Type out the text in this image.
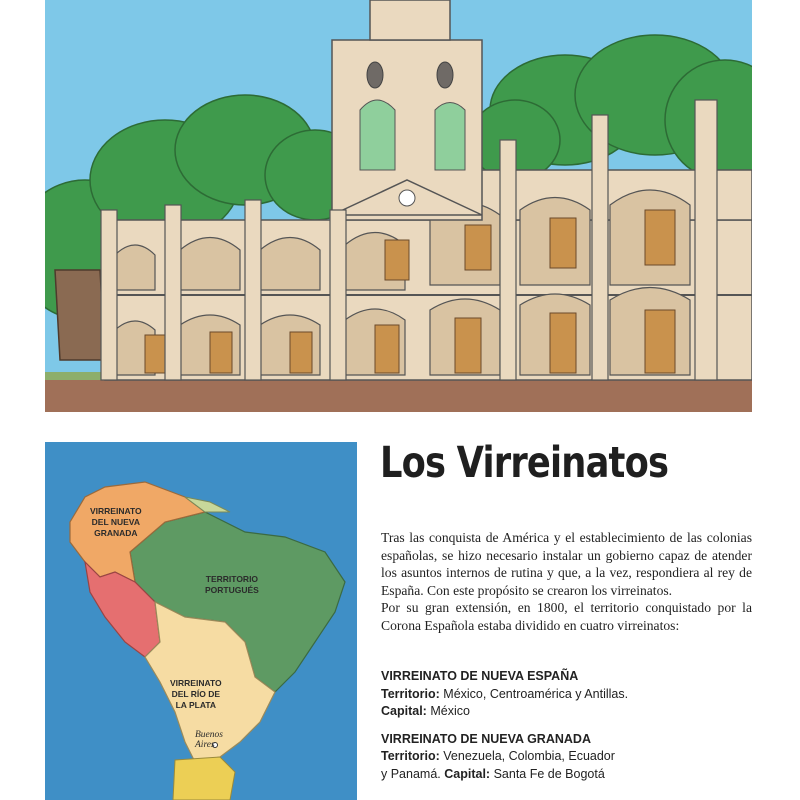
VIRREINATO
DEL NUEVA
GRANADA
TERRITORIO
PORTUGUÉS
VIRREINATO
DEL RÍO DE
LA PLATA
Buenos
Aires
Los Virreinatos

Tras las conquista de América y el establecimiento de las colonias españolas, se hizo necesario instalar un gobierno capaz de atender los asuntos internos de rutina y que, a la vez, respondiera al rey de España. Con este propósito se crearon los virreinatos.

Por su gran extensión, en 1800, el territorio conquistado por la Corona Española estaba dividido en cuatro virreinatos:

VIRREINATO DE NUEVA ESPAÑA

Territorio: México, Centroamérica y Antillas.

Capital: México

VIRREINATO DE NUEVA GRANADA

Territorio: Venezuela, Colombia, Ecuador

y Panamá. Capital: Santa Fe de Bogotá
